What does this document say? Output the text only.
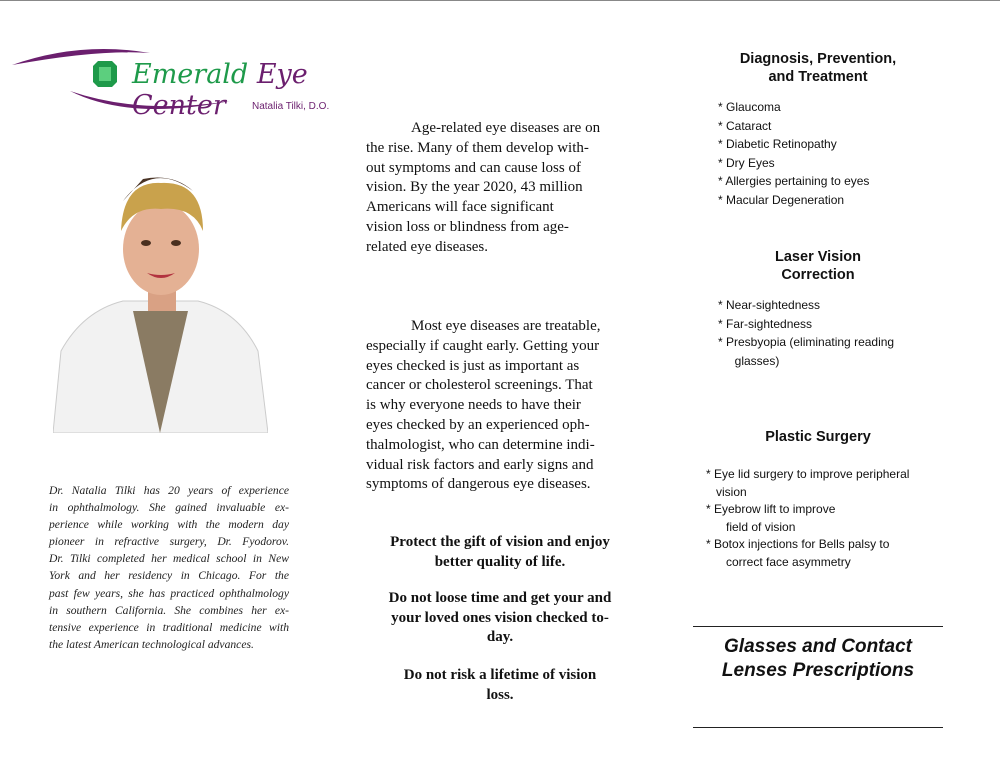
Emerald Eye Center	Natalia Tilki, D.O.
Dr. Natalia Tilki has 20 years of experience
in ophthalmology. She gained invaluable ex-
perience while working with the modern day
pioneer in refractive surgery, Dr. Fyodorov.
Dr. Tilki completed her medical school in New
York and her residency in Chicago. For the
past few years, she has practiced ophthalmology
in southern California. She combines her ex-
tensive experience in traditional medicine with
the latest American technological advances.
Age-related eye diseases are on
the rise. Many of them develop with-
out symptoms and can cause loss of
vision. By the year 2020, 43 million
Americans will face significant
vision loss or blindness from age-
related eye diseases.
Most eye diseases are treatable,
especially if caught early. Getting your
eyes checked is just as important as
cancer or cholesterol screenings. That
is why everyone needs to have their
eyes checked by an experienced oph-
thalmologist, who can determine indi-
vidual risk factors and early signs and
symptoms of dangerous eye diseases.
Protect the gift of vision and enjoy
better quality of life.
Do not loose time and get your and
your loved ones vision checked to-
day.
Do not risk a lifetime of vision
loss.
Diagnosis, Prevention,
and Treatment
* Glaucoma
* Cataract
* Diabetic Retinopathy
* Dry Eyes
* Allergies pertaining to eyes
* Macular Degeneration
Laser Vision
Correction
* Near-sightedness
* Far-sightedness
* Presbyopia (eliminating reading
glasses)
Plastic Surgery
* Eye lid surgery to improve peripheral
vision
* Eyebrow lift to improve
field of vision
* Botox injections for Bells palsy to
correct face asymmetry
Glasses and Contact
Lenses Prescriptions
